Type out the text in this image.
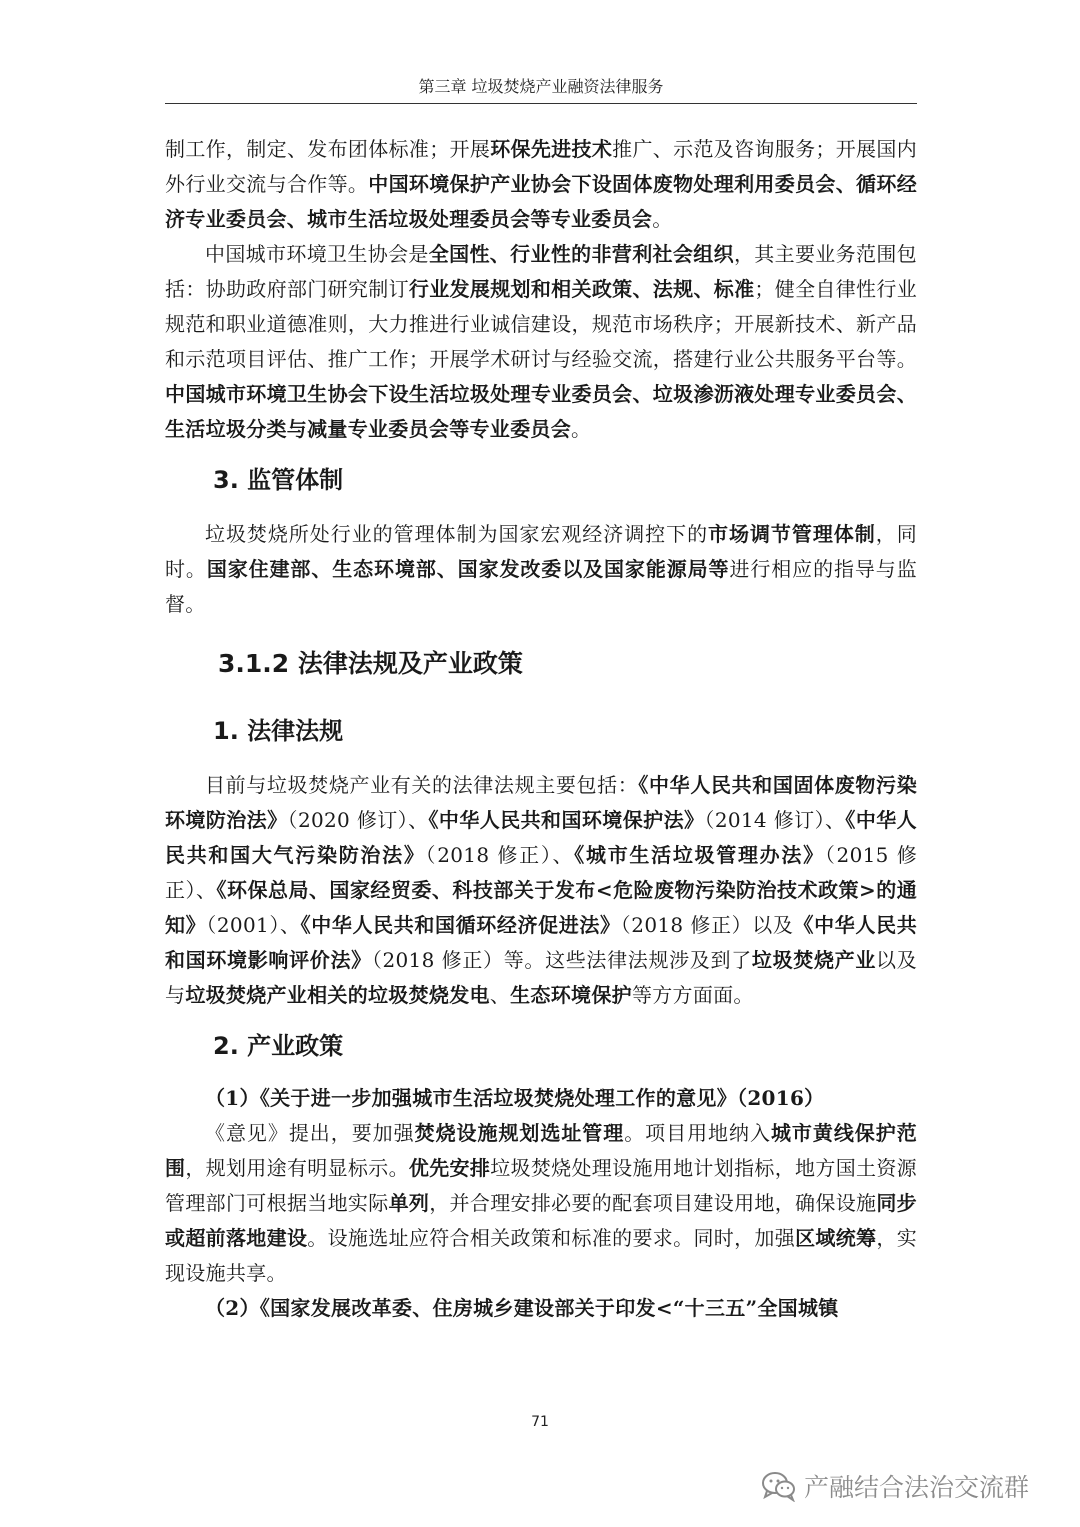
第三章 垃圾焚烧产业融资法律服务

制工作，制定、发布团体标准；开展环保先进技术推广、示范及咨询服务；开展国内外行业交流与合作等。中国环境保护产业协会下设固体废物处理利用委员会、循环经济专业委员会、城市生活垃圾处理委员会等专业委员会。

中国城市环境卫生协会是全国性、行业性的非营利社会组织，其主要业务范围包括：协助政府部门研究制订行业发展规划和相关政策、法规、标准；健全自律性行业规范和职业道德准则，大力推进行业诚信建设，规范市场秩序；开展新技术、新产品和示范项目评估、推广工作；开展学术研讨与经验交流，搭建行业公共服务平台等。中国城市环境卫生协会下设生活垃圾处理专业委员会、垃圾渗沥液处理专业委员会、生活垃圾分类与减量专业委员会等专业委员会。

3. 监管体制

垃圾焚烧所处行业的管理体制为国家宏观经济调控下的市场调节管理体制，同时。国家住建部、生态环境部、国家发改委以及国家能源局等进行相应的指导与监督。

3.1.2 法律法规及产业政策
1. 法律法规

目前与垃圾焚烧产业有关的法律法规主要包括：《中华人民共和国固体废物污染环境防治法》（2020 修订）、《中华人民共和国环境保护法》（2014 修订）、《中华人民共和国大气污染防治法》（2018 修正）、《城市生活垃圾管理办法》（2015 修正）、《环保总局、国家经贸委、科技部关于发布<危险废物污染防治技术政策>的通知》（2001）、《中华人民共和国循环经济促进法》（2018 修正）以及《中华人民共和国环境影响评价法》（2018 修正）等。这些法律法规涉及到了垃圾焚烧产业以及与垃圾焚烧产业相关的垃圾焚烧发电、生态环境保护等方方面面。

2. 产业政策

（1）《关于进一步加强城市生活垃圾焚烧处理工作的意见》（2016）

《意见》提出，要加强焚烧设施规划选址管理。项目用地纳入城市黄线保护范围，规划用途有明显标示。优先安排垃圾焚烧处理设施用地计划指标，地方国土资源管理部门可根据当地实际单列，并合理安排必要的配套项目建设用地，确保设施同步或超前落地建设。设施选址应符合相关政策和标准的要求。同时，加强区域统筹，实现设施共享。

（2）《国家发展改革委、住房城乡建设部关于印发<“十三五”全国城镇

71
产融结合法治交流群
